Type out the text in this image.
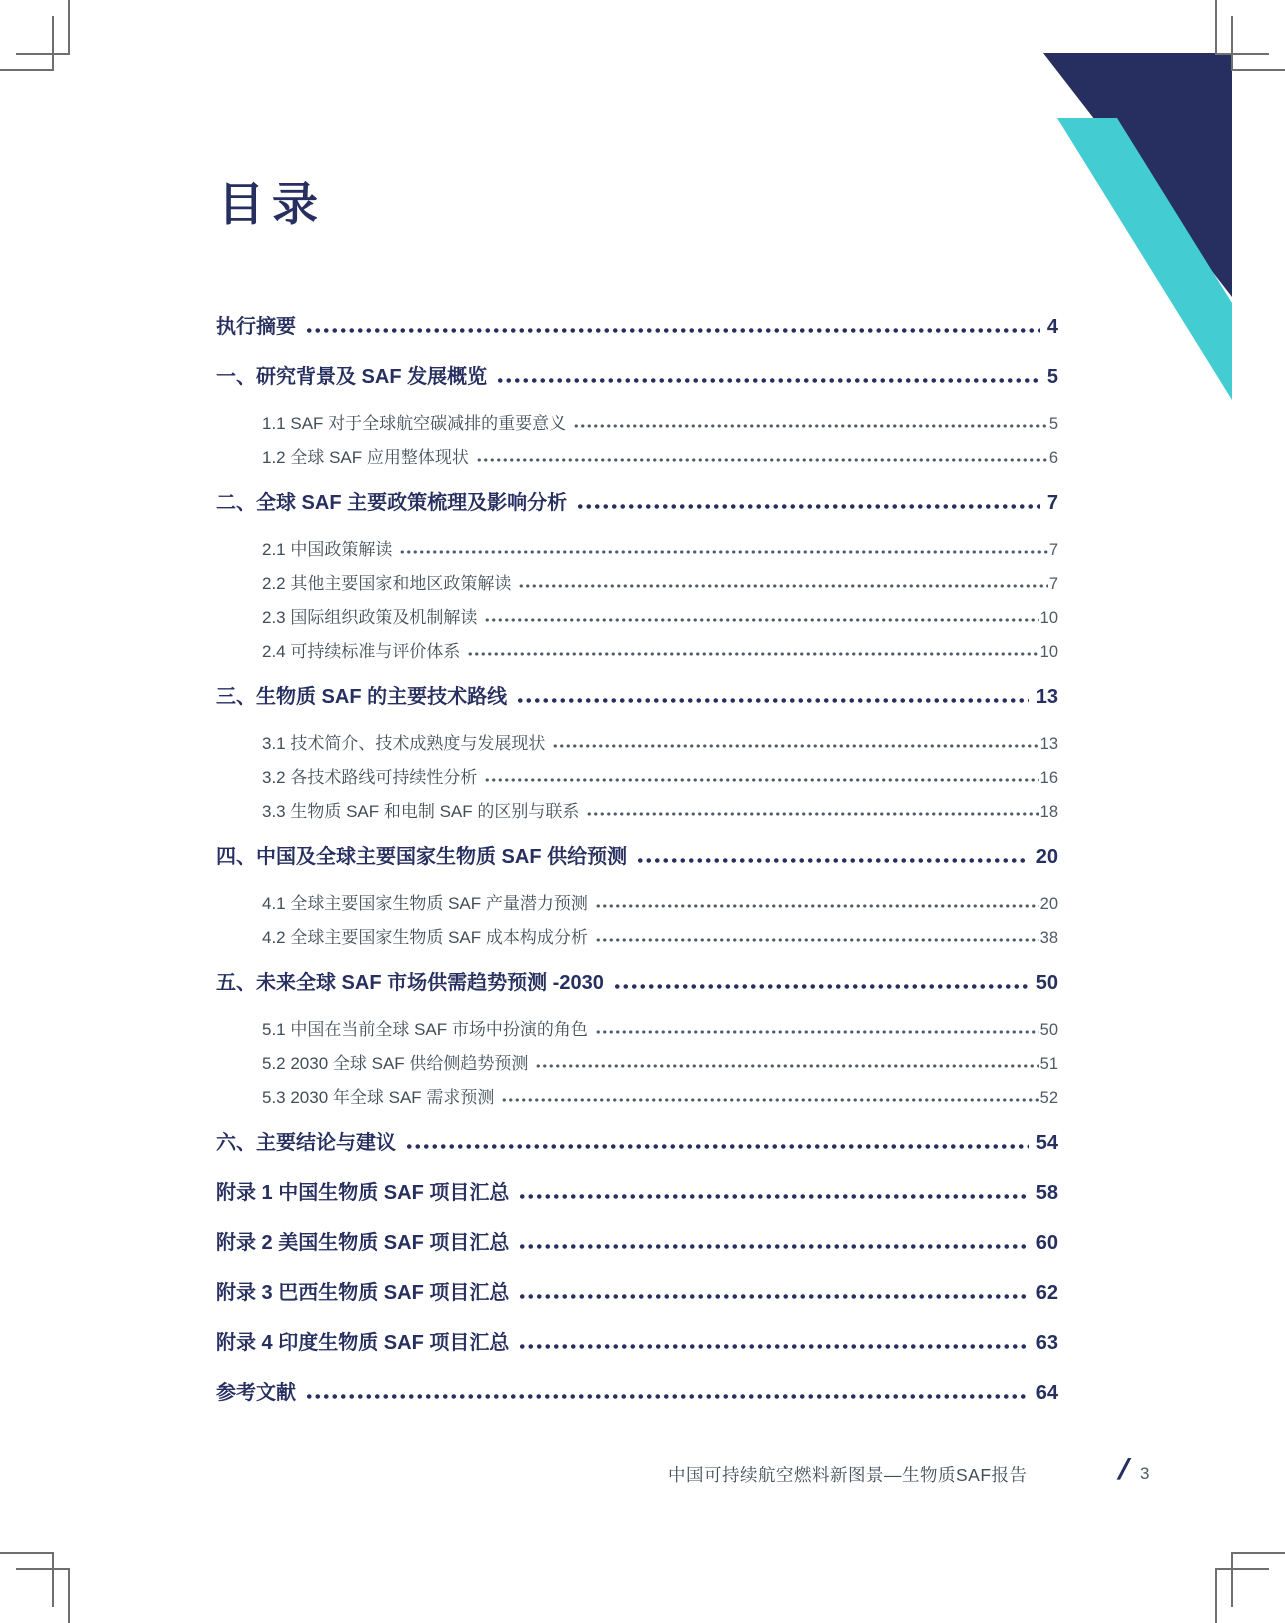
目录
执行摘要	4
一、研究背景及 SAF 发展概览	5
1.1 SAF 对于全球航空碳减排的重要意义	5
1.2 全球 SAF 应用整体现状	6
二、全球 SAF 主要政策梳理及影响分析	7
2.1 中国政策解读	7
2.2 其他主要国家和地区政策解读	7
2.3 国际组织政策及机制解读	10
2.4 可持续标准与评价体系	10
三、生物质 SAF 的主要技术路线	13
3.1 技术简介、技术成熟度与发展现状	13
3.2 各技术路线可持续性分析	16
3.3 生物质 SAF 和电制 SAF 的区别与联系	18
四、中国及全球主要国家生物质 SAF 供给预测	20
4.1 全球主要国家生物质 SAF 产量潜力预测	20
4.2 全球主要国家生物质 SAF 成本构成分析	38
五、未来全球 SAF 市场供需趋势预测 -2030	50
5.1 中国在当前全球 SAF 市场中扮演的角色	50
5.2 2030 全球 SAF 供给侧趋势预测	51
5.3 2030 年全球 SAF 需求预测	52
六、主要结论与建议	54
附录 1 中国生物质 SAF 项目汇总	58
附录 2 美国生物质 SAF 项目汇总	60
附录 3 巴西生物质 SAF 项目汇总	62
附录 4 印度生物质 SAF 项目汇总	63
参考文献	64
中国可持续航空燃料新图景—生物质SAF报告	/ 3
